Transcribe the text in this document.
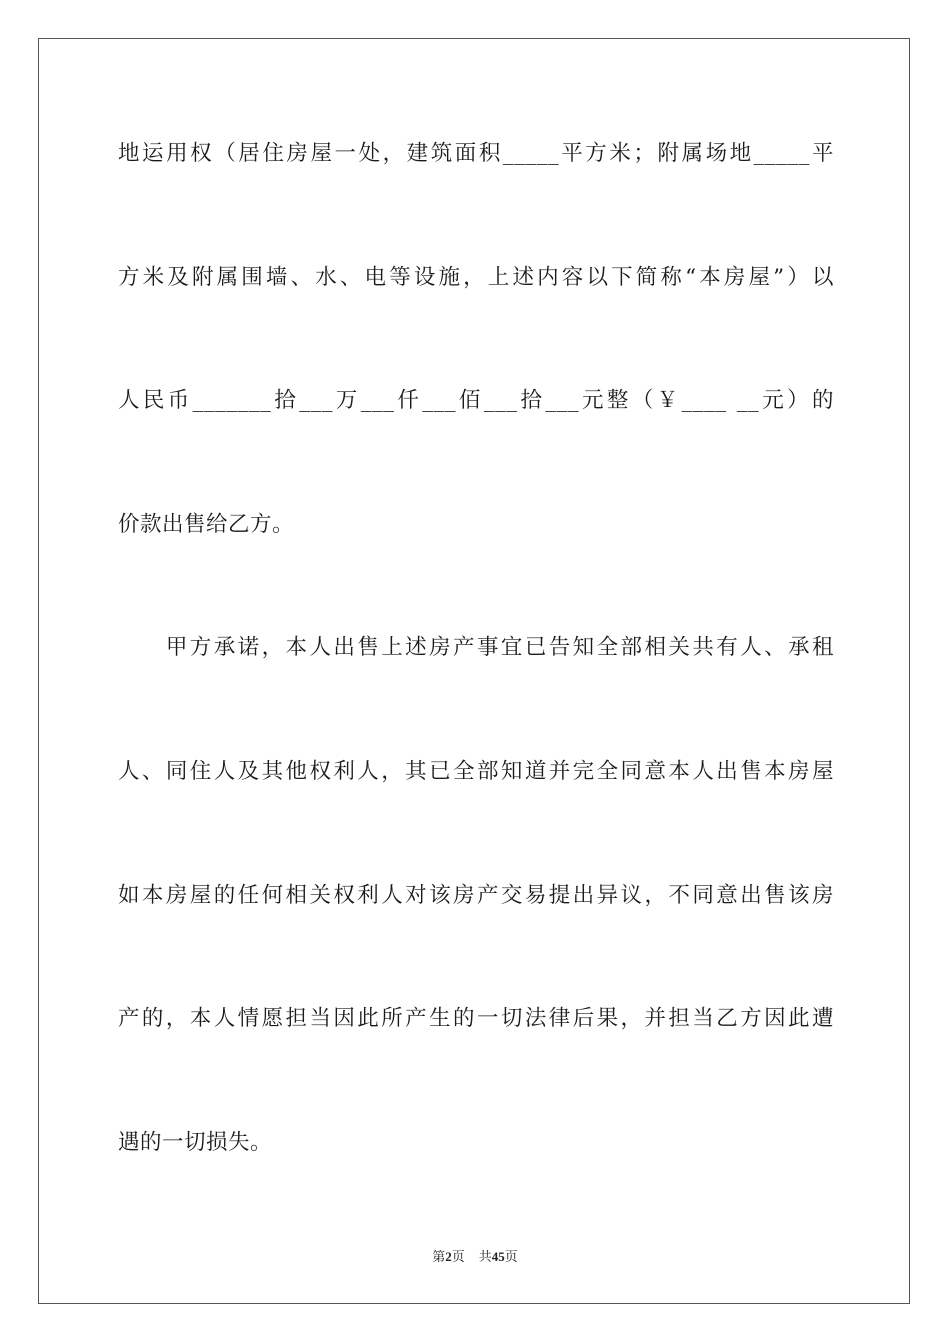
地运用权（居住房屋一处，建筑面积_____平方米；附属场地_____平
方米及附属围墙、水、电等设施，上述内容以下简称“本房屋”）以
人民币_______拾___万___仟___佰___拾___元整（￥____ __元）的
价款出售给乙方。
　　甲方承诺，本人出售上述房产事宜已告知全部相关共有人、承租
人、同住人及其他权利人，其已全部知道并完全同意本人出售本房屋
如本房屋的任何相关权利人对该房产交易提出异议，不同意出售该房
产的，本人情愿担当因此所产生的一切法律后果，并担当乙方因此遭
遇的一切损失。
第2页 共45页
